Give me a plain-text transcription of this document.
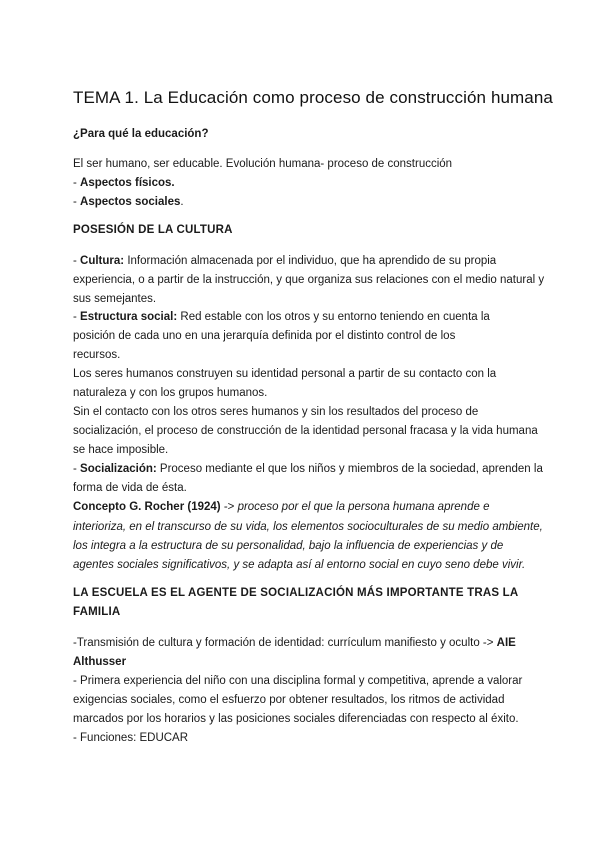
TEMA 1. La Educación como proceso de construcción humana

¿Para qué la educación?

El ser humano, ser educable. Evolución humana- proceso de construcción

- Aspectos físicos.

- Aspectos sociales.

POSESIÓN DE LA CULTURA

- Cultura: Información almacenada por el individuo, que ha aprendido de su propia

experiencia, o a partir de la instrucción, y que organiza sus relaciones con el medio natural y

sus semejantes.

- Estructura social: Red estable con los otros y su entorno teniendo en cuenta la

posición de cada uno en una jerarquía definida por el distinto control de los

recursos.

Los seres humanos construyen su identidad personal a partir de su contacto con la

naturaleza y con los grupos humanos.

Sin el contacto con los otros seres humanos y sin los resultados del proceso de

socialización, el proceso de construcción de la identidad personal fracasa y la vida humana

se hace imposible.

- Socialización: Proceso mediante el que los niños y miembros de la sociedad, aprenden la

forma de vida de ésta.

Concepto G. Rocher (1924) -> proceso por el que la persona humana aprende e

interioriza, en el transcurso de su vida, los elementos socioculturales de su medio ambiente,

los integra a la estructura de su personalidad, bajo la influencia de experiencias y de

agentes sociales significativos, y se adapta así al entorno social en cuyo seno debe vivir.

LA ESCUELA ES EL AGENTE DE SOCIALIZACIÓN MÁS IMPORTANTE TRAS LA

FAMILIA

-Transmisión de cultura y formación de identidad: currículum manifiesto y oculto -> AIE

Althusser

- Primera experiencia del niño con una disciplina formal y competitiva, aprende a valorar

exigencias sociales, como el esfuerzo por obtener resultados, los ritmos de actividad

marcados por los horarios y las posiciones sociales diferenciadas con respecto al éxito.

- Funciones: EDUCAR
